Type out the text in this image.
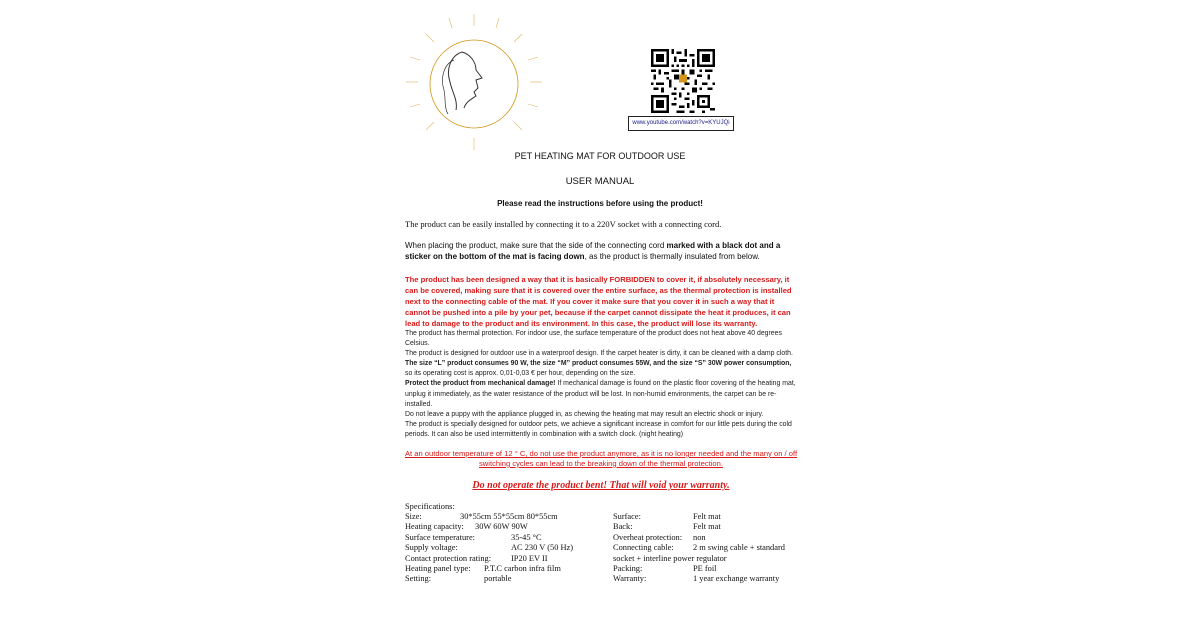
www.youtube.com/watch?v=KYUJQi
PET HEATING MAT FOR OUTDOOR USE
USER MANUAL
Please read the instructions before using the product!
The product can be easily installed by connecting it to a 220V socket with a connecting cord.
When placing the product, make sure that the side of the connecting cord marked with a black dot and a sticker on the bottom of the mat is facing down, as the product is thermally insulated from below.
The product has been designed a way that it is basically FORBIDDEN to cover it, if absolutely necessary, it can be covered, making sure that it is covered over the entire surface, as the thermal protection is installed next to the connecting cable of the mat. If you cover it make sure that you cover it in such a way that it cannot be pushed into a pile by your pet, because if the carpet cannot dissipate the heat it produces, it can lead to damage to the product and its environment. In this case, the product will lose its warranty.
The product has thermal protection. For indoor use, the surface temperature of the product does not heat above 40 degrees Celsius.
The product is designed for outdoor use in a waterproof design. If the carpet heater is dirty, it can be cleaned with a damp cloth. The size “L” product consumes 90 W, the size “M” product consumes 55W, and the size “S” 30W power consumption, so its operating cost is approx. 0,01-0,03 € per hour, depending on the size.
Protect the product from mechanical damage! If mechanical damage is found on the plastic floor covering of the heating mat, unplug it immediately, as the water resistance of the product will be lost. In non-humid environments, the carpet can be re-installed.
Do not leave a puppy with the appliance plugged in, as chewing the heating mat may result an electric shock or injury.
The product is specially designed for outdoor pets, we achieve a significant increase in comfort for our little pets during the cold periods. It can also be used intermittently in combination with a switch clock. (night heating)
At an outdoor temperature of 12 ° C, do not use the product anymore, as it is no longer needed and the many on / off switching cycles can lead to the breaking down of the thermal protection.
Do not operate the product bent! That will void your warranty.
Specifications:
Size:	30*55cm 55*55cm 80*55cm
Heating capacity: 30W 60W 90W
Surface temperature:	35-45 °C
Supply voltage:	AC 230 V (50 Hz)
Contact protection rating: IP20 EV II
Heating panel type: P.T.C carbon infra film
Setting:	portable
Surface:	Felt mat
Back:	Felt mat
Overheat protection: non
Connecting cable: 2 m swing cable + standard
socket + interline power regulator
Packing:	PE foil
Warranty:	1 year exchange warranty
